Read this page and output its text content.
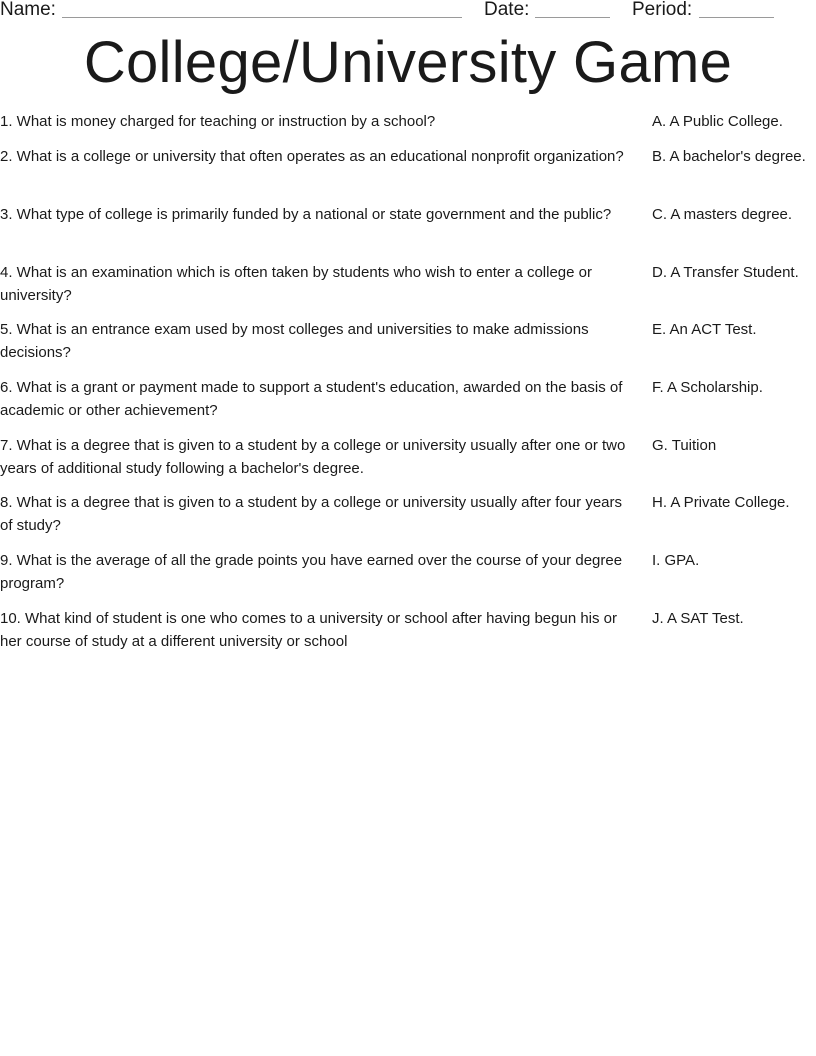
Name:	Date:	Period:
College/University Game

1. What is money charged for teaching or instruction by a school?

2. What is a college or university that often operates as an educational nonprofit organization?

3. What type of college is primarily funded by a national or state government and the public?

4. What is an examination which is often taken by students who wish to enter a college or university?

5. What is an entrance exam used by most colleges and universities to make admissions decisions?

6. What is a grant or payment made to support a student's education, awarded on the basis of academic or other achievement?

7. What is a degree that is given to a student by a college or university usually after one or two years of additional study following a bachelor's degree.

8. What is a degree that is given to a student by a college or university usually after four years of study?

9. What is the average of all the grade points you have earned over the course of your degree program?

10. What kind of student is one who comes to a university or school after having begun his or her course of study at a different university or school

A. A Public College.

B. A bachelor's degree.

C. A masters degree.

D. A Transfer Student.

E. An ACT Test.

F. A Scholarship.

G. Tuition

H. A Private College.

I. GPA.

J. A SAT Test.
